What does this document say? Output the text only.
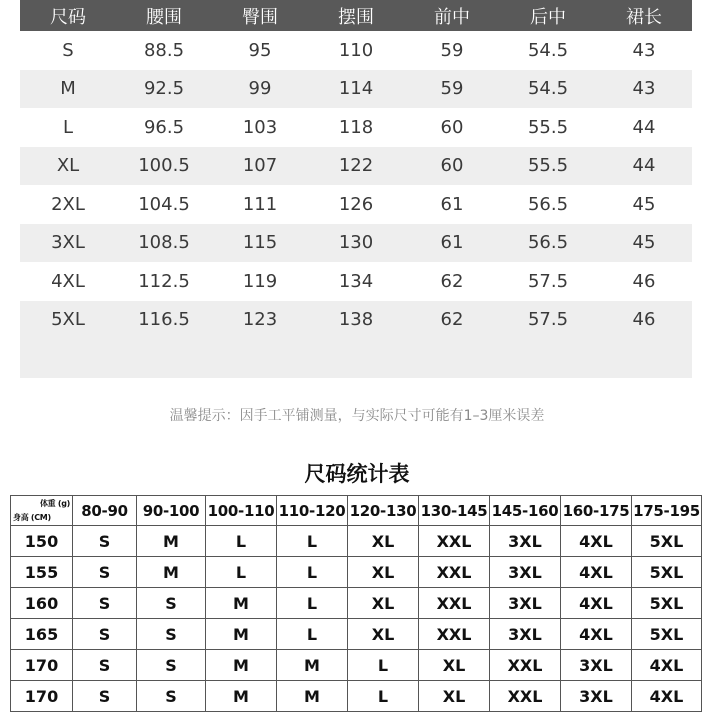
尺码	腰围	臀围	摆围	前中	后中	裙长
S	88.5	95	110	59	54.5	43
M	92.5	99	114	59	54.5	43
L	96.5	103	118	60	55.5	44
XL	100.5	107	122	60	55.5	44
2XL	104.5	111	126	61	56.5	45
3XL	108.5	115	130	61	56.5	45
4XL	112.5	119	134	62	57.5	46
5XL	116.5	123	138	62	57.5	46

温馨提示：因手工平铺测量，与实际尺寸可能有1–3厘米误差
尺码统计表
体重 (g)
身高 (CM)	80-90	90-100	100-110	110-120	120-130	130-145	145-160	160-175	175-195
150	S	M	L	L	XL	XXL	3XL	4XL	5XL
155	S	M	L	L	XL	XXL	3XL	4XL	5XL
160	S	S	M	L	XL	XXL	3XL	4XL	5XL
165	S	S	M	L	XL	XXL	3XL	4XL	5XL
170	S	S	M	M	L	XL	XXL	3XL	4XL
170	S	S	M	M	L	XL	XXL	3XL	4XL
